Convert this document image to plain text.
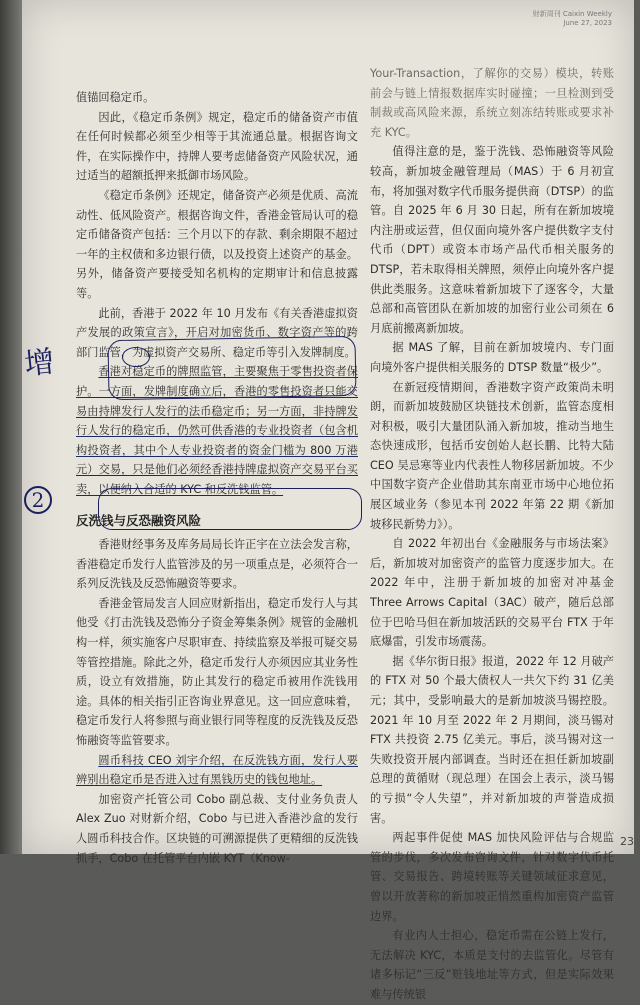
财新周刊 Caixin Weekly
June 27, 2023

值锚回稳定币。

因此，《稳定币条例》规定，稳定币的储备资产市值在任何时候都必须至少相等于其流通总量。根据咨询文件，在实际操作中，持牌人要考虑储备资产风险状况，通过适当的超额抵押来抵御市场风险。

《稳定币条例》还规定，储备资产必须是优质、高流动性、低风险资产。根据咨询文件，香港金管局认可的稳定币储备资产包括：三个月以下的存款、剩余期限不超过一年的主权债和多边银行债，以及投资上述资产的基金。另外，储备资产要接受知名机构的定期审计和信息披露等。

此前，香港于 2022 年 10 月发布《有关香港虚拟资产发展的政策宣言》，开启对加密货币、数字资产等的跨部门监管，为虚拟资产交易所、稳定币等引入发牌制度。

香港对稳定币的牌照监管，主要聚焦于零售投资者保护。一方面，发牌制度确立后，香港的零售投资者只能交易由持牌发行人发行的法币稳定币；另一方面，非持牌发行人发行的稳定币，仍然可供香港的专业投资者（包含机构投资者，其中个人专业投资者的资金门槛为 800 万港元）交易，只是他们必须经香港持牌虚拟资产交易平台买卖，以便纳入合适的 KYC 和反洗钱监管。

反洗钱与反恐融资风险

香港财经事务及库务局局长许正宇在立法会发言称，香港稳定币发行人监管涉及的另一项重点是，必须符合一系列反洗钱及反恐怖融资等要求。

香港金管局发言人回应财新指出，稳定币发行人与其他受《打击洗钱及恐怖分子资金筹集条例》规管的金融机构一样，须实施客户尽职审查、持续监察及举报可疑交易等管控措施。除此之外，稳定币发行人亦须因应其业务性质，设立有效措施，防止其发行的稳定币被用作洗钱用途。具体的相关指引正咨询业界意见。这一回应意味着，稳定币发行人将参照与商业银行同等程度的反洗钱及反恐怖融资等监管要求。

圆币科技 CEO 刘宇介绍，在反洗钱方面，发行人要辨别出稳定币是否进入过有黑钱历史的钱包地址。

加密资产托管公司 Cobo 副总裁、支付业务负责人 Alex Zuo 对财新介绍，Cobo 与已进入香港沙盒的发行人圆币科技合作。区块链的可溯源提供了更精细的反洗钱抓手，Cobo 在托管平台内嵌 KYT（Know-

Your-Transaction，了解你的交易）模块，转账前会与链上情报数据库实时碰撞；一旦检测到受制裁或高风险来源，系统立刻冻结转账或要求补充 KYC。

值得注意的是，鉴于洗钱、恐怖融资等风险较高，新加坡金融管理局（MAS）于 6 月初宣布，将加强对数字代币服务提供商（DTSP）的监管。自 2025 年 6 月 30 日起，所有在新加坡境内注册或运营，但仅面向境外客户提供数字支付代币（DPT）或资本市场产品代币相关服务的 DTSP，若未取得相关牌照，须停止向境外客户提供此类服务。这意味着新加坡下了逐客令，大量总部和高管团队在新加坡的加密行业公司须在 6 月底前搬离新加坡。

据 MAS 了解，目前在新加坡境内、专门面向境外客户提供相关服务的 DTSP 数量“极少”。

在新冠疫情期间，香港数字资产政策尚未明朗，而新加坡鼓励区块链技术创新，监管态度相对积极，吸引大量团队涌入新加坡，推动当地生态快速成形，包括币安创始人赵长鹏、比特大陆 CEO 吴忌寒等业内代表性人物移居新加坡。不少中国数字资产企业借助其东南亚市场中心地位拓展区域业务（参见本刊 2022 年第 22 期《新加坡移民新势力》）。

自 2022 年初出台《金融服务与市场法案》后，新加坡对加密资产的监管力度逐步加大。在 2022 年中，注册于新加坡的加密对冲基金 Three Arrows Capital（3AC）破产，随后总部位于巴哈马但在新加坡活跃的交易平台 FTX 于年底爆雷，引发市场震荡。

据《华尔街日报》报道，2022 年 12 月破产的 FTX 对 50 个最大债权人一共欠下约 31 亿美元；其中，受影响最大的是新加坡淡马锡控股。2021 年 10 月至 2022 年 2 月期间，淡马锡对 FTX 共投资 2.75 亿美元。事后，淡马锡对这一失败投资开展内部调查。当时还在担任新加坡副总理的黄循财（现总理）在国会上表示，淡马锡的亏损“令人失望”，并对新加坡的声誉造成损害。

两起事件促使 MAS 加快风险评估与合规监管的步伐，多次发布咨询文件，针对数字代币托管、交易报告、跨境转账等关键领域征求意见，曾以开放著称的新加坡正悄然重构加密资产监管边界。

有业内人士担心，稳定币需在公链上发行，无法解决 KYC，本质是支付的去监管化。尽管有诸多标记“三反”赃钱地址等方式，但是实际效果难与传统银

增
2
23
